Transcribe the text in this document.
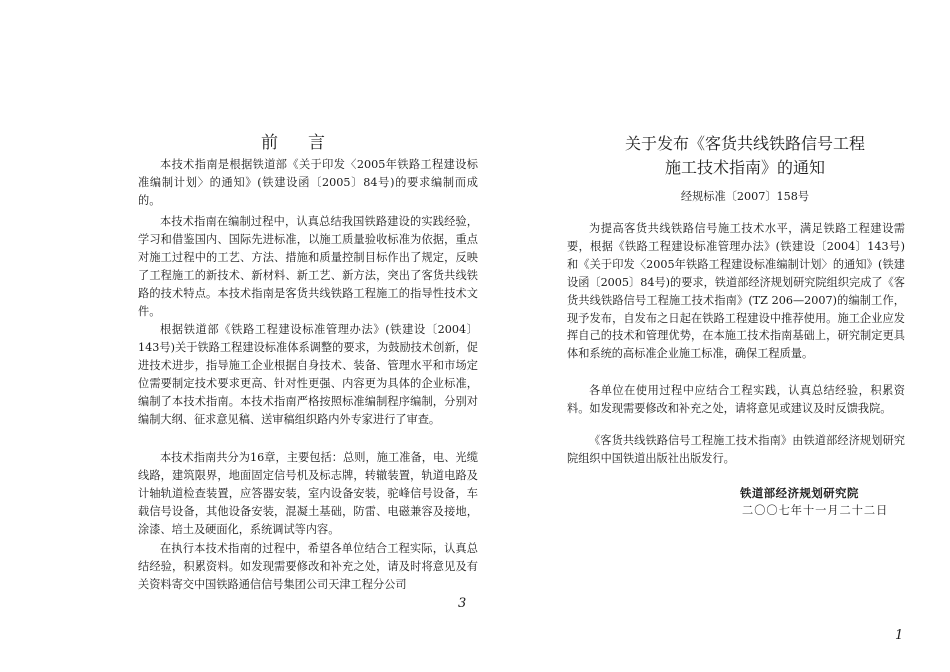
前言

本技术指南是根据铁道部《关于印发〈2005年铁路工程建设标准编制计划〉的通知》(铁建设函〔2005〕84号)的要求编制而成的。

本技术指南在编制过程中，认真总结我国铁路建设的实践经验，学习和借鉴国内、国际先进标准，以施工质量验收标准为依据，重点对施工过程中的工艺、方法、措施和质量控制目标作出了规定，反映了工程施工的新技术、新材料、新工艺、新方法，突出了客货共线铁路的技术特点。本技术指南是客货共线铁路工程施工的指导性技术文件。

根据铁道部《铁路工程建设标准管理办法》(铁建设〔2004〕143号)关于铁路工程建设标准体系调整的要求，为鼓励技术创新，促进技术进步，指导施工企业根据自身技术、装备、管理水平和市场定位需要制定技术要求更高、针对性更强、内容更为具体的企业标准，编制了本技术指南。本技术指南严格按照标准编制程序编制，分别对编制大纲、征求意见稿、送审稿组织路内外专家进行了审查。

本技术指南共分为16章，主要包括：总则，施工准备，电、光缆线路，建筑限界，地面固定信号机及标志牌，转辙装置，轨道电路及计轴轨道检查装置，应答器安装，室内设备安装，驼峰信号设备，车载信号设备，其他设备安装，混凝土基础，防雷、电磁兼容及接地，涂漆、培土及硬面化，系统调试等内容。

在执行本技术指南的过程中，希望各单位结合工程实际，认真总结经验，积累资料。如发现需要修改和补充之处，请及时将意见及有关资料寄交中国铁路通信信号集团公司天津工程分公司

3
关于发布《客货共线铁路信号工程
施工技术指南》的通知
经规标准〔2007〕158号

为提高客货共线铁路信号施工技术水平，满足铁路工程建设需要，根据《铁路工程建设标准管理办法》(铁建设〔2004〕143号)和《关于印发〈2005年铁路工程建设标准编制计划〉的通知》(铁建设函〔2005〕84号)的要求，铁道部经济规划研究院组织完成了《客货共线铁路信号工程施工技术指南》(TZ 206—2007)的编制工作，现予发布，自发布之日起在铁路工程建设中推荐使用。施工企业应发挥自己的技术和管理优势，在本施工技术指南基础上，研究制定更具体和系统的高标准企业施工标准，确保工程质量。

各单位在使用过程中应结合工程实践，认真总结经验，积累资料。如发现需要修改和补充之处，请将意见或建议及时反馈我院。

《客货共线铁路信号工程施工技术指南》由铁道部经济规划研究院组织中国铁道出版社出版发行。

1
铁道部经济规划研究院
二〇〇七年十一月二十二日
